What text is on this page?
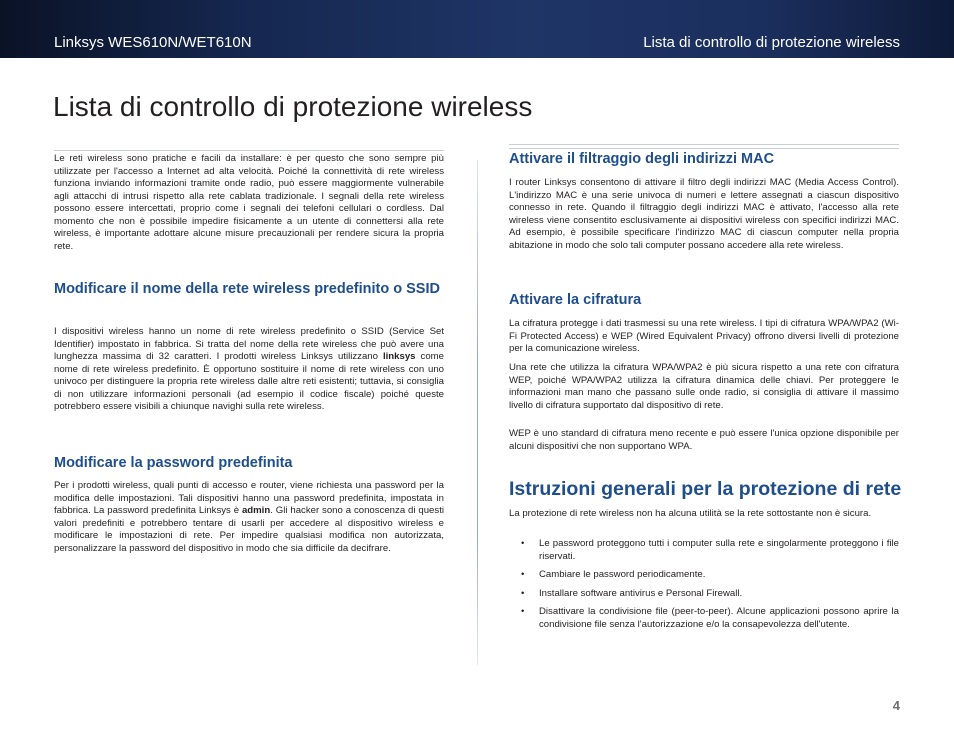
Linksys WES610N/WET610N	Lista di controllo di protezione wireless
Lista di controllo di protezione wireless

Le reti wireless sono pratiche e facili da installare: è per questo che sono sempre più utilizzate per l'accesso a Internet ad alta velocità. Poiché la connettività di rete wireless funziona inviando informazioni tramite onde radio, può essere maggiormente vulnerabile agli attacchi di intrusi rispetto alla rete cablata tradizionale. I segnali della rete wireless possono essere intercettati, proprio come i segnali dei telefoni cellulari o cordless. Dal momento che non è possibile impedire fisicamente a un utente di connettersi alla rete wireless, è importante adottare alcune misure precauzionali per rendere sicura la propria rete.

Modificare il nome della rete wireless predefinito o SSID

I dispositivi wireless hanno un nome di rete wireless predefinito o SSID (Service Set Identifier) impostato in fabbrica. Si tratta del nome della rete wireless che può avere una lunghezza massima di 32 caratteri. I prodotti wireless Linksys utilizzano linksys come nome di rete wireless predefinito. È opportuno sostituire il nome di rete wireless con uno univoco per distinguere la propria rete wireless dalle altre reti esistenti; tuttavia, si consiglia di non utilizzare informazioni personali (ad esempio il codice fiscale) poiché queste potrebbero essere visibili a chiunque navighi sulla rete wireless.

Modificare la password predefinita

Per i prodotti wireless, quali punti di accesso e router, viene richiesta una password per la modifica delle impostazioni. Tali dispositivi hanno una password predefinita, impostata in fabbrica. La password predefinita Linksys è admin. Gli hacker sono a conoscenza di questi valori predefiniti e potrebbero tentare di usarli per accedere al dispositivo wireless e modificare le impostazioni di rete. Per impedire qualsiasi modifica non autorizzata, personalizzare la password del dispositivo in modo che sia difficile da decifrare.

Attivare il filtraggio degli indirizzi MAC

I router Linksys consentono di attivare il filtro degli indirizzi MAC (Media Access Control). L'indirizzo MAC è una serie univoca di numeri e lettere assegnati a ciascun dispositivo connesso in rete. Quando il filtraggio degli indirizzi MAC è attivato, l'accesso alla rete wireless viene consentito esclusivamente ai dispositivi wireless con specifici indirizzi MAC. Ad esempio, è possibile specificare l'indirizzo MAC di ciascun computer nella propria abitazione in modo che solo tali computer possano accedere alla rete wireless.

Attivare la cifratura

La cifratura protegge i dati trasmessi su una rete wireless. I tipi di cifratura WPA/WPA2 (Wi-Fi Protected Access) e WEP (Wired Equivalent Privacy) offrono diversi livelli di protezione per la comunicazione wireless.

Una rete che utilizza la cifratura WPA/WPA2 è più sicura rispetto a una rete con cifratura WEP, poiché WPA/WPA2 utilizza la cifratura dinamica delle chiavi. Per proteggere le informazioni man mano che passano sulle onde radio, si consiglia di attivare il massimo livello di cifratura supportato dal dispositivo di rete.

WEP è uno standard di cifratura meno recente e può essere l'unica opzione disponibile per alcuni dispositivi che non supportano WPA.

Istruzioni generali per la protezione di rete

La protezione di rete wireless non ha alcuna utilità se la rete sottostante non è sicura.

• Le password proteggono tutti i computer sulla rete e singolarmente proteggono i file riservati.
• Cambiare le password periodicamente.
• Installare software antivirus e Personal Firewall.
• Disattivare la condivisione file (peer-to-peer). Alcune applicazioni possono aprire la condivisione file senza l'autorizzazione e/o la consapevolezza dell'utente.
4
